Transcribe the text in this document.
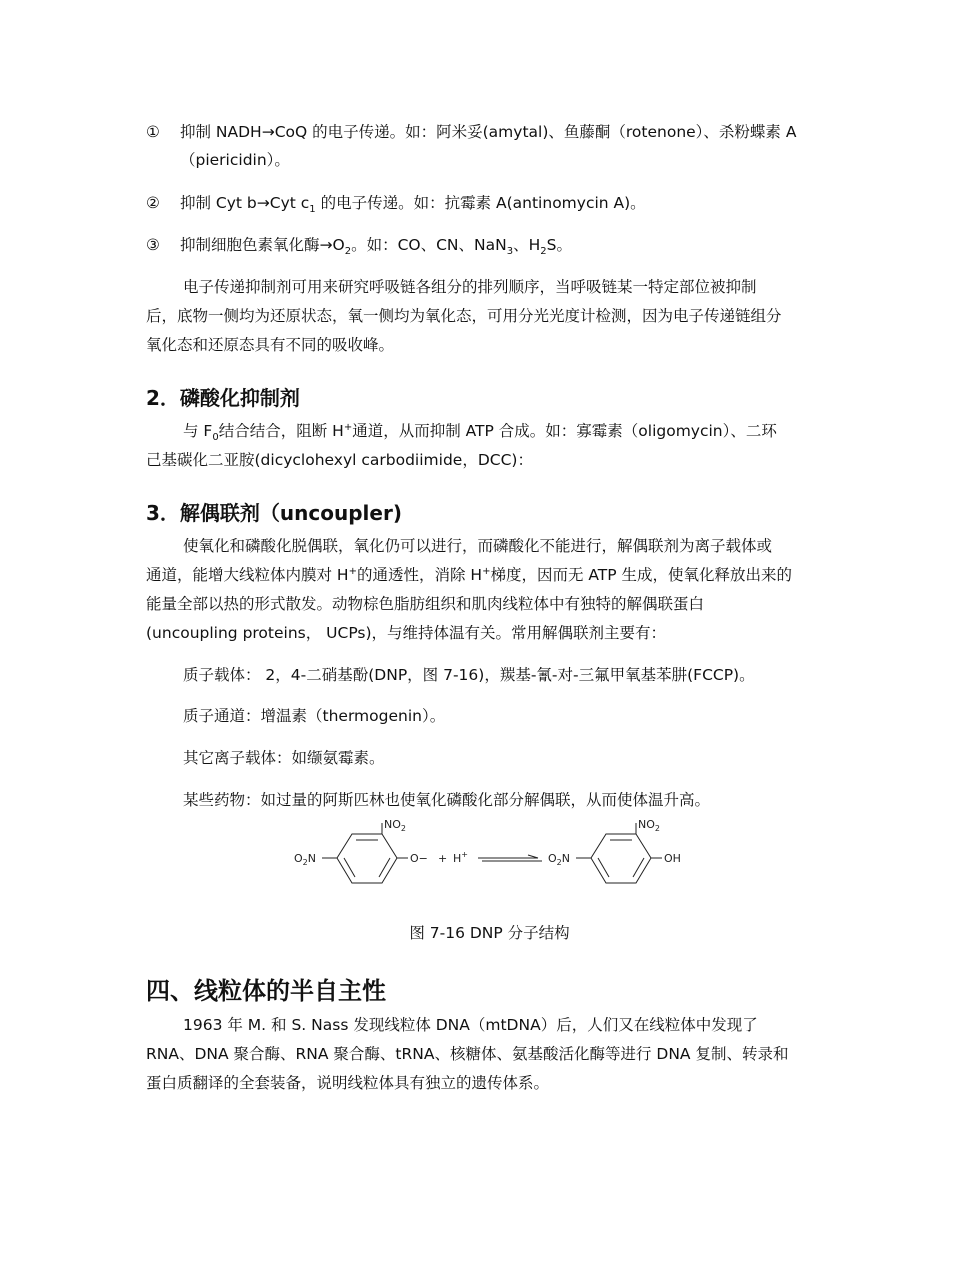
① 抑制 NADH→CoQ 的电子传递。如：阿米妥(amytal)、鱼藤酮（rotenone）、杀粉蝶素 A
（piericidin）。
② 抑制 Cyt b→Cyt $c_1$ 的电子传递。如：抗霉素 A(antinomycin A)。
③ 抑制细胞色素氧化酶$\to O_2$。如：CO、CN、NaN$_3$、$H_2S$。
电子传递抑制剂可用来研究呼吸链各组分的排列顺序，当呼吸链某一特定部位被抑制
后，底物一侧均为还原状态，氧一侧均为氧化态，可用分光光度计检测，因为电子传递链组分
氧化态和还原态具有不同的吸收峰。
2．磷酸化抑制剂
与 $F_0$结合结合，阻断 H+通道，从而抑制 ATP 合成。如：寡霉素（oligomycin）、二环
己基碳化二亚胺(dicyclohexyl carbodiimide，DCC)：
3．解偶联剂（uncoupler)
使氧化和磷酸化脱偶联，氧化仍可以进行，而磷酸化不能进行，解偶联剂为离子载体或
通道，能增大线粒体内膜对 H+的通透性，消除 H+梯度，因而无 ATP 生成，使氧化释放出来的
能量全部以热的形式散发。动物棕色脂肪组织和肌肉线粒体中有独特的解偶联蛋白
(uncoupling proteins， UCPs)，与维持体温有关。常用解偶联剂主要有：
质子载体： 2，4-二硝基酚(DNP，图 7-16)，羰基-氰-对-三氟甲氧基苯肼(FCCP)。
质子通道：增温素（thermogenin）。
其它离子载体：如缬氨霉素。
某些药物：如过量的阿斯匹林也使氧化磷酸化部分解偶联，从而使体温升高。
$NO_2$
$O_2N$	O− + H+
$NO_2$
$O_2N$	OH
图 7-16 DNP 分子结构
四、线粒体的半自主性
1963 年 M. 和 S. Nass 发现线粒体 DNA（mtDNA）后，人们又在线粒体中发现了
RNA、DNA 聚合酶、RNA 聚合酶、tRNA、核糖体、氨基酸活化酶等进行 DNA 复制、转录和
蛋白质翻译的全套装备，说明线粒体具有独立的遗传体系。
